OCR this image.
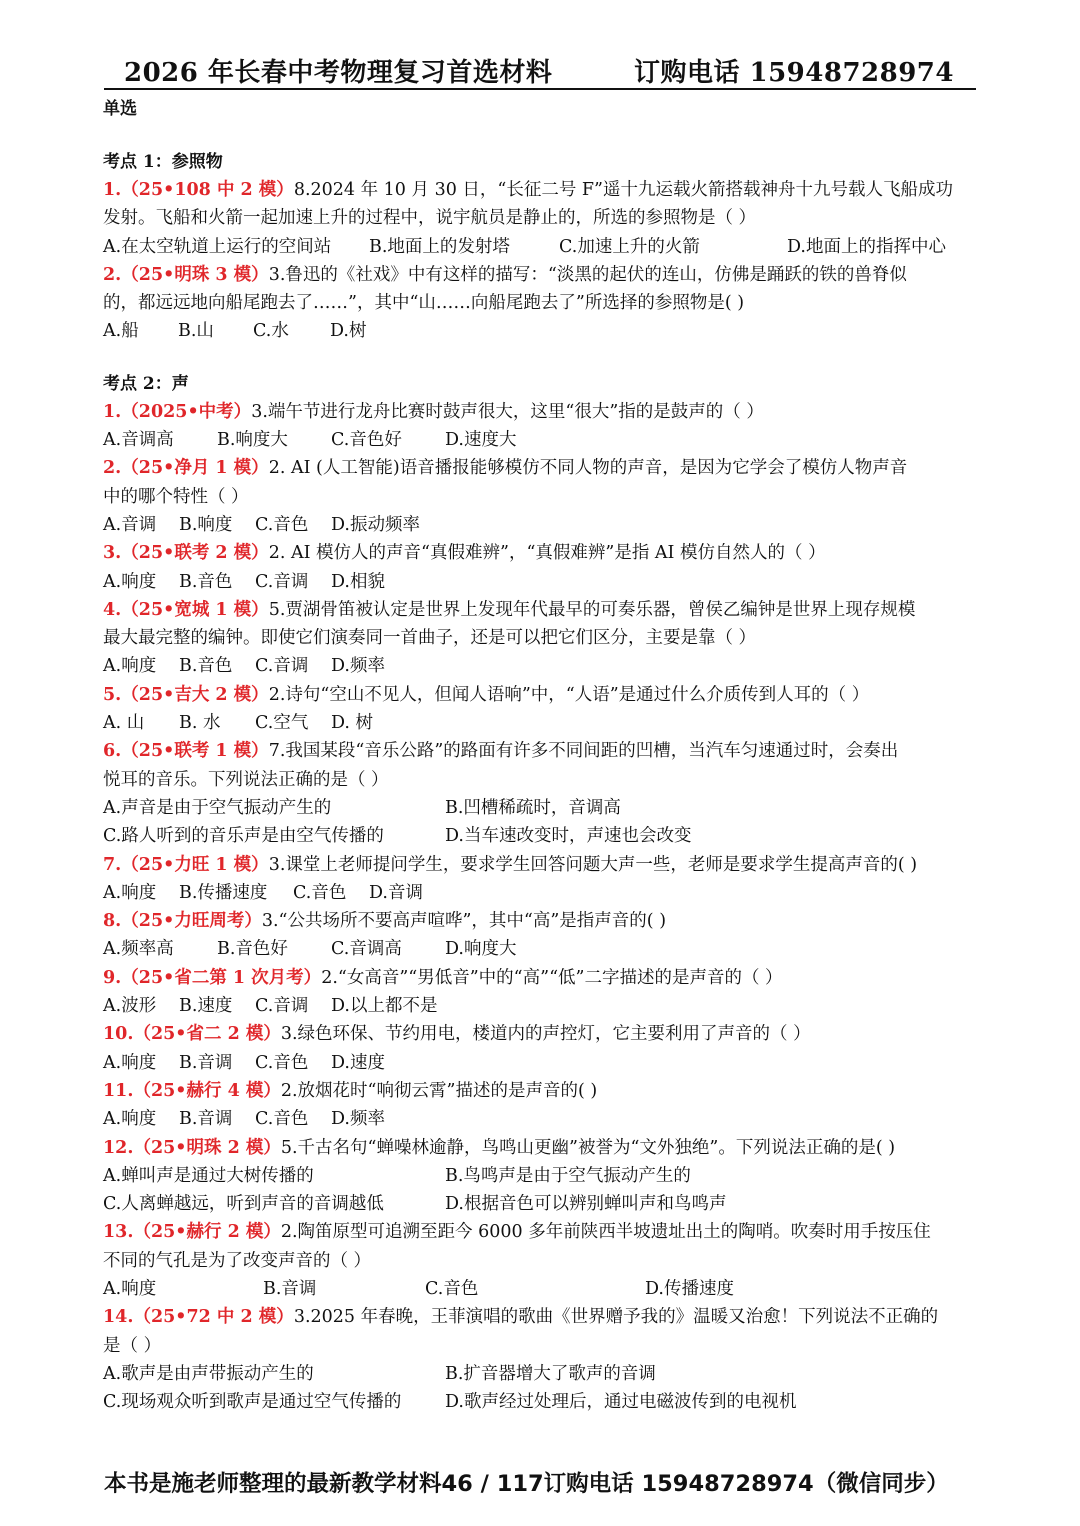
2026 年长春中考物理复习首选材料	订购电话 15948728974
单选
考点 1：参照物
1.（25•108 中 2 模）8.2024 年 10 月 30 日，“长征二号 F”遥十九运载火箭搭载神舟十九号载人飞船成功
发射。飞船和火箭一起加速上升的过程中，说宇航员是静止的，所选的参照物是（ ）
A.在太空轨道上运行的空间站 B.地面上的发射塔	C.加速上升的火箭	D.地面上的指挥中心
2.（25•明珠 3 模）3.鲁迅的《社戏》中有这样的描写：“淡黑的起伏的连山，仿佛是踊跃的铁的兽脊似
的，都远远地向船尾跑去了……”，其中“山……向船尾跑去了”所选择的参照物是( )
A.船 B.山 C.水 D.树
考点 2：声
1.（2025•中考）3.端午节进行龙舟比赛时鼓声很大，这里“很大”指的是鼓声的（ ）
A.音调高 B.响度大 C.音色好 D.速度大
2.（25•净月 1 模）2. AI (人工智能)语音播报能够模仿不同人物的声音，是因为它学会了模仿人物声音
中的哪个特性（ ）
A.音调 B.响度 C.音色 D.振动频率
3.（25•联考 2 模）2. AI 模仿人的声音“真假难辨”，“真假难辨”是指 AI 模仿自然人的（ ）
A.响度 B.音色 C.音调 D.相貌
4.（25•宽城 1 模）5.贾湖骨笛被认定是世界上发现年代最早的可奏乐器，曾侯乙编钟是世界上现存规模
最大最完整的编钟。即使它们演奏同一首曲子，还是可以把它们区分，主要是靠（ ）
A.响度 B.音色 C.音调 D.频率
5.（25•吉大 2 模）2.诗句“空山不见人，但闻人语响”中，“人语”是通过什么介质传到人耳的（ ）
A. 山 B. 水 C.空气 D. 树
6.（25•联考 1 模）7.我国某段“音乐公路”的路面有许多不同间距的凹槽，当汽车匀速通过时，会奏出
悦耳的音乐。下列说法正确的是（ ）
A.声音是由于空气振动产生的	B.凹槽稀疏时，音调高
C.路人听到的音乐声是由空气传播的	D.当车速改变时，声速也会改变
7.（25•力旺 1 模）3.课堂上老师提问学生，要求学生回答问题大声一些，老师是要求学生提高声音的( )
A.响度 B.传播速度 C.音色 D.音调
8.（25•力旺周考）3.“公共场所不要高声喧哗”，其中“高”是指声音的( )
A.频率高 B.音色好 C.音调高 D.响度大
9.（25•省二第 1 次月考）2.“女高音”“男低音”中的“高”“低”二字描述的是声音的（ ）
A.波形 B.速度 C.音调 D.以上都不是
10.（25•省二 2 模）3.绿色环保、节约用电，楼道内的声控灯，它主要利用了声音的（ ）
A.响度 B.音调 C.音色 D.速度
11.（25•赫行 4 模）2.放烟花时“响彻云霄”描述的是声音的( )
A.响度 B.音调 C.音色 D.频率
12.（25•明珠 2 模）5.千古名句“蝉噪林逾静，鸟鸣山更幽”被誉为“文外独绝”。下列说法正确的是( )
A.蝉叫声是通过大树传播的	B.鸟鸣声是由于空气振动产生的
C.人离蝉越远，听到声音的音调越低	D.根据音色可以辨别蝉叫声和鸟鸣声
13.（25•赫行 2 模）2.陶笛原型可追溯至距今 6000 多年前陕西半坡遗址出土的陶哨。吹奏时用手按压住
不同的气孔是为了改变声音的（ ）
A.响度	B.音调	C.音色	D.传播速度
14.（25•72 中 2 模）3.2025 年春晚，王菲演唱的歌曲《世界赠予我的》温暖又治愈！下列说法不正确的
是（ ）
A.歌声是由声带振动产生的	B.扩音器增大了歌声的音调
C.现场观众听到歌声是通过空气传播的 D.歌声经过处理后，通过电磁波传到的电视机
本书是施老师整理的最新教学材料46 / 117订购电话 15948728974（微信同步）
